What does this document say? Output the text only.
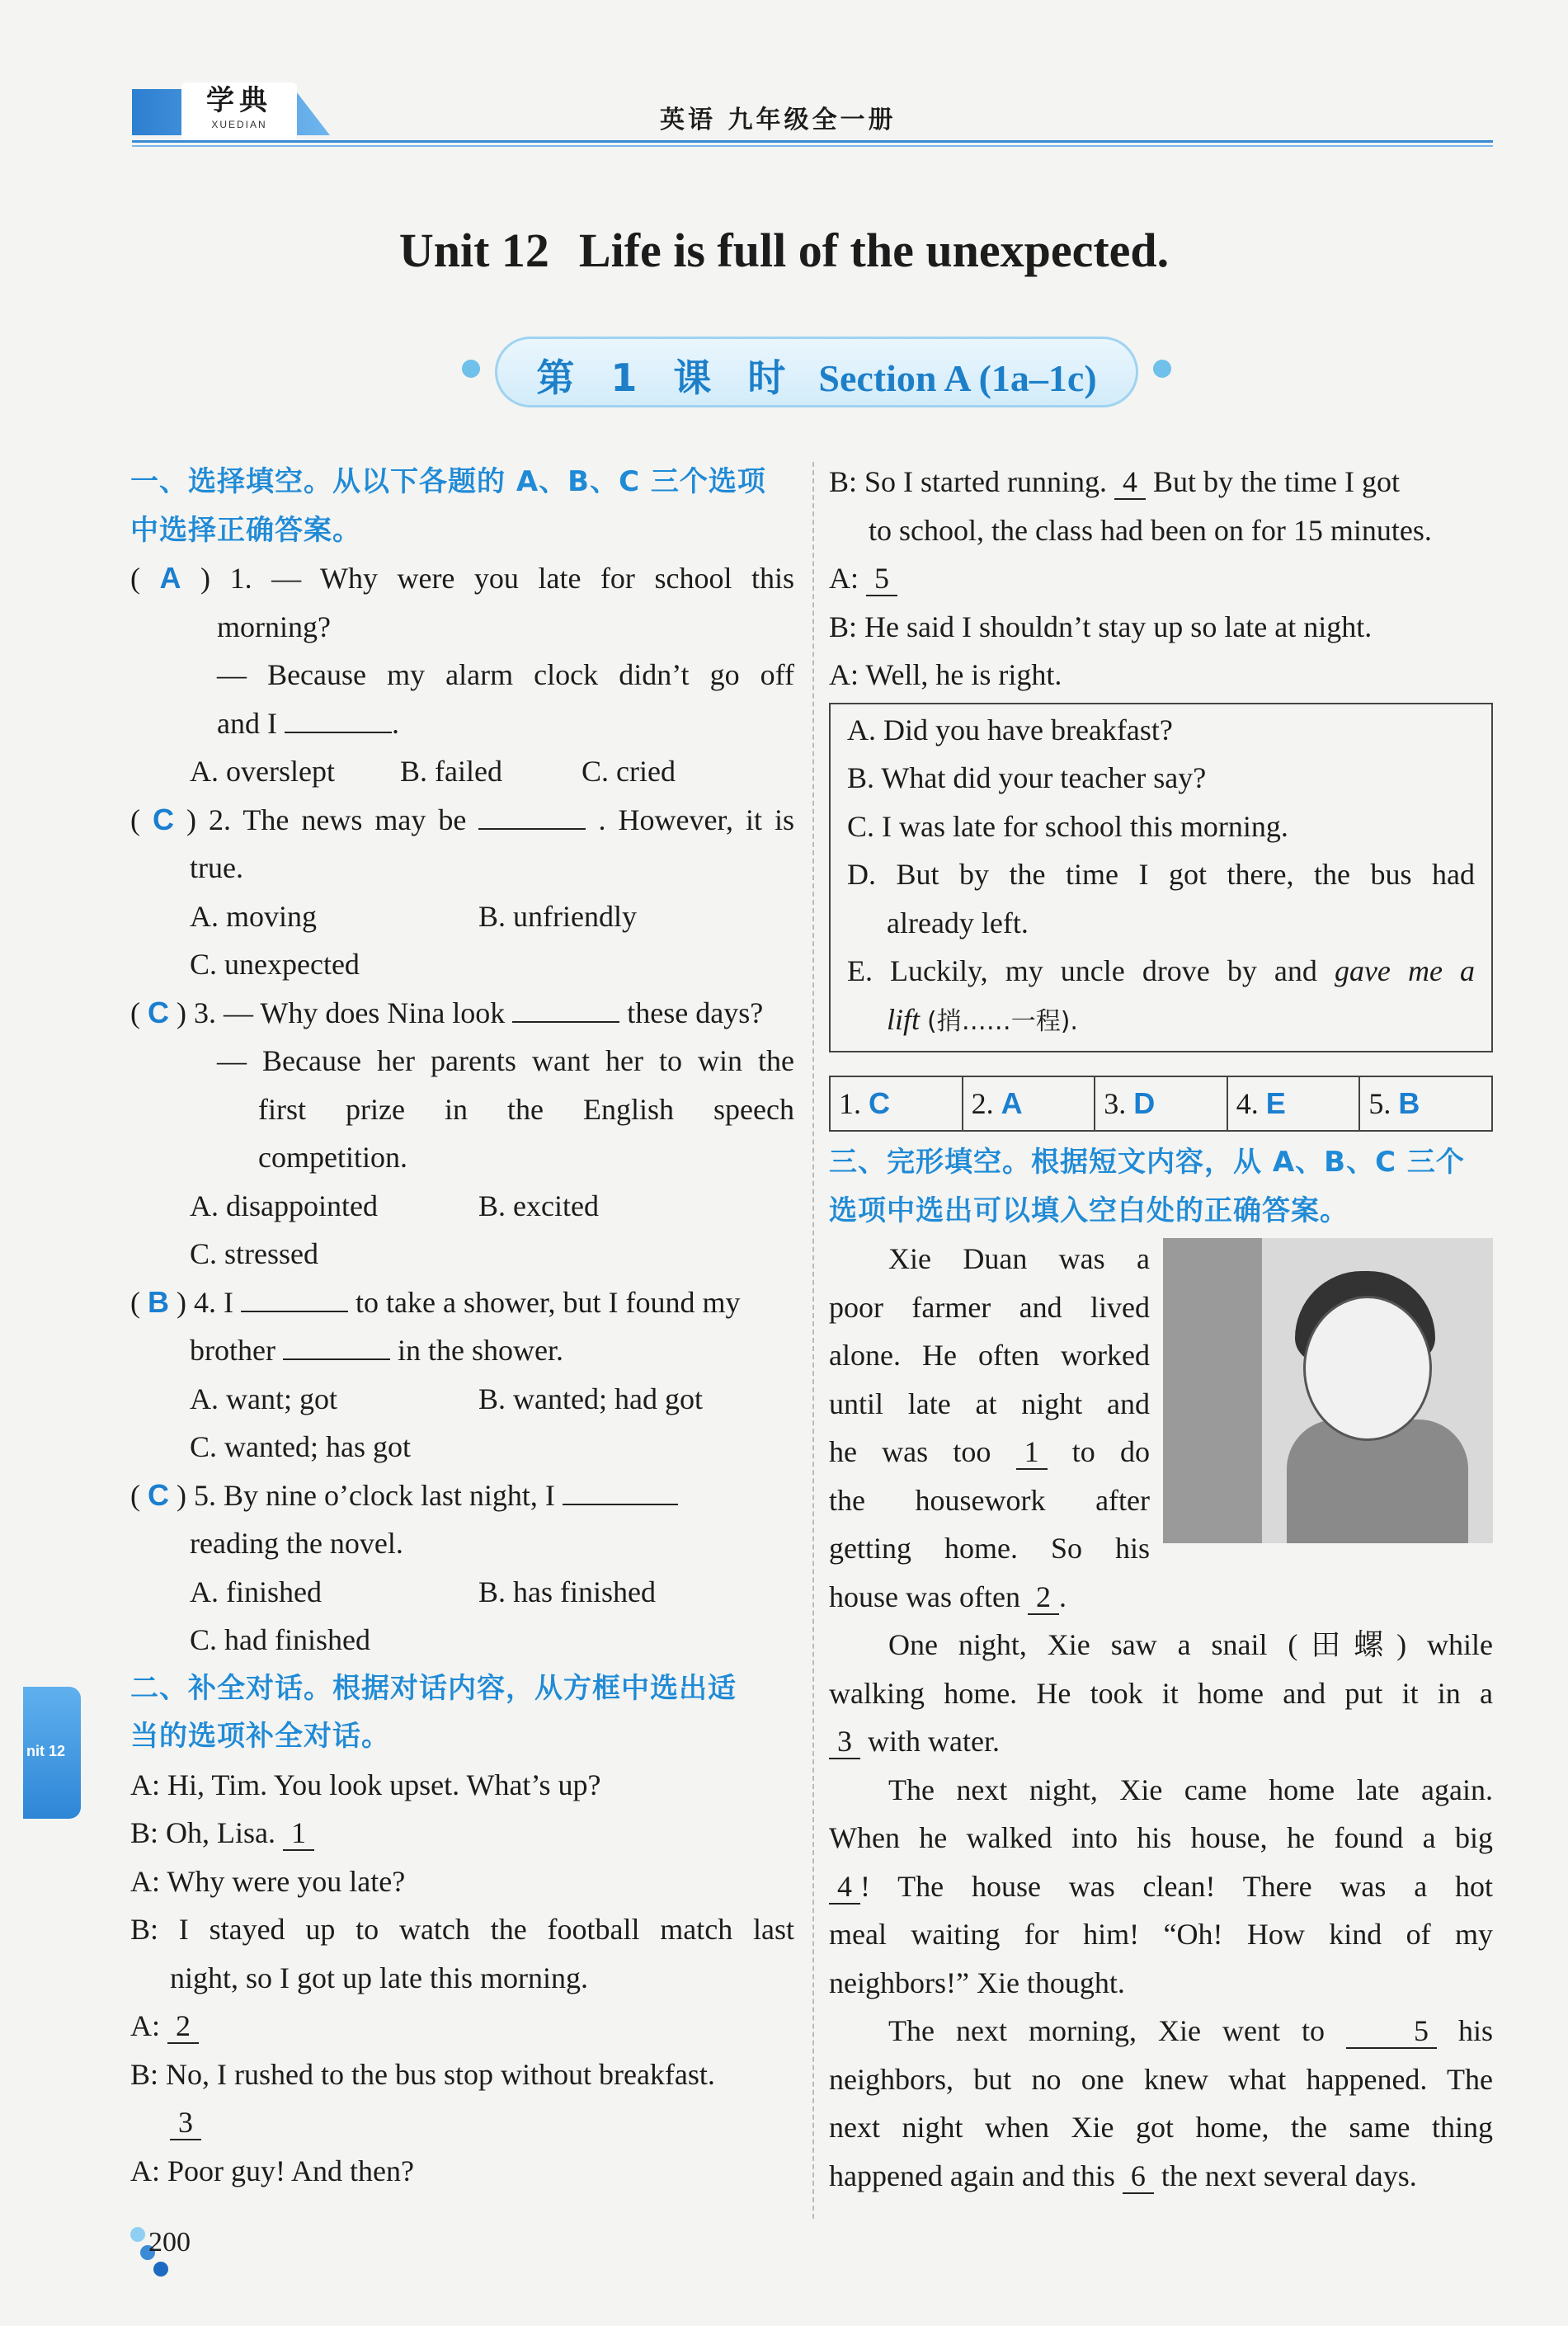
学典
XUEDIAN	英语 九年级全一册
Unit 12 Life is full of the unexpected.
第 1 课 时 Section A (1a–1c)
一、选择填空。从以下各题的 A、B、C 三个选项
中选择正确答案。
( A ) 1. — Why were you late for school this
morning?
— Because my alarm clock didn’t go off
and I	.
A. overslept	B. failed	C. cried
( C ) 2. The news may be	. However, it is
true.
A. moving	B. unfriendly
C. unexpected
( C ) 3. — Why does Nina look	these days?
— Because her parents want her to win the
first prize in the English speech
competition.
A. disappointed	B. excited
C. stressed
( B ) 4. I	to take a shower, but I found my
brother	in the shower.
A. want; got	B. wanted; had got
C. wanted; has got
( C ) 5. By nine o’clock last night, I
reading the novel.
A. finished	B. has finished
C. had finished
二、补全对话。根据对话内容，从方框中选出适
当的选项补全对话。
A: Hi, Tim. You look upset. What’s up?
B: Oh, Lisa. 1
A: Why were you late?
B: I stayed up to watch the football match last
night, so I got up late this morning.
A: 2
B: No, I rushed to the bus stop without breakfast.
3
A: Poor guy! And then?
B: So I started running. 4 But by the time I got
to school, the class had been on for 15 minutes.
A: 5
B: He said I shouldn’t stay up so late at night.
A: Well, he is right.
A. Did you have breakfast?
B. What did your teacher say?
C. I was late for school this morning.
D. But by the time I got there, the bus had
already left.
E. Luckily, my uncle drove by and gave me a
lift (捎……一程).
1. C	2. A	3. D	4. E	5. B
三、完形填空。根据短文内容，从 A、B、C 三个
选项中选出可以填入空白处的正确答案。
Xie Duan was a
poor farmer and lived
alone. He often worked
until late at night and
he was too 1 to do
the housework after
getting home. So his
house was often 2 .
One night, Xie saw a snail (田螺) while
walking home. He took it home and put it in a
3 with water.
The next night, Xie came home late again.
When he walked into his house, he found a big
4 ! The house was clean! There was a hot
meal waiting for him! “Oh! How kind of my
neighbors!” Xie thought.
The next morning, Xie went to	5 his
neighbors, but no one knew what happened. The
next night when Xie got home, the same thing
happened again and this 6 the next several days.
nit 12
200
